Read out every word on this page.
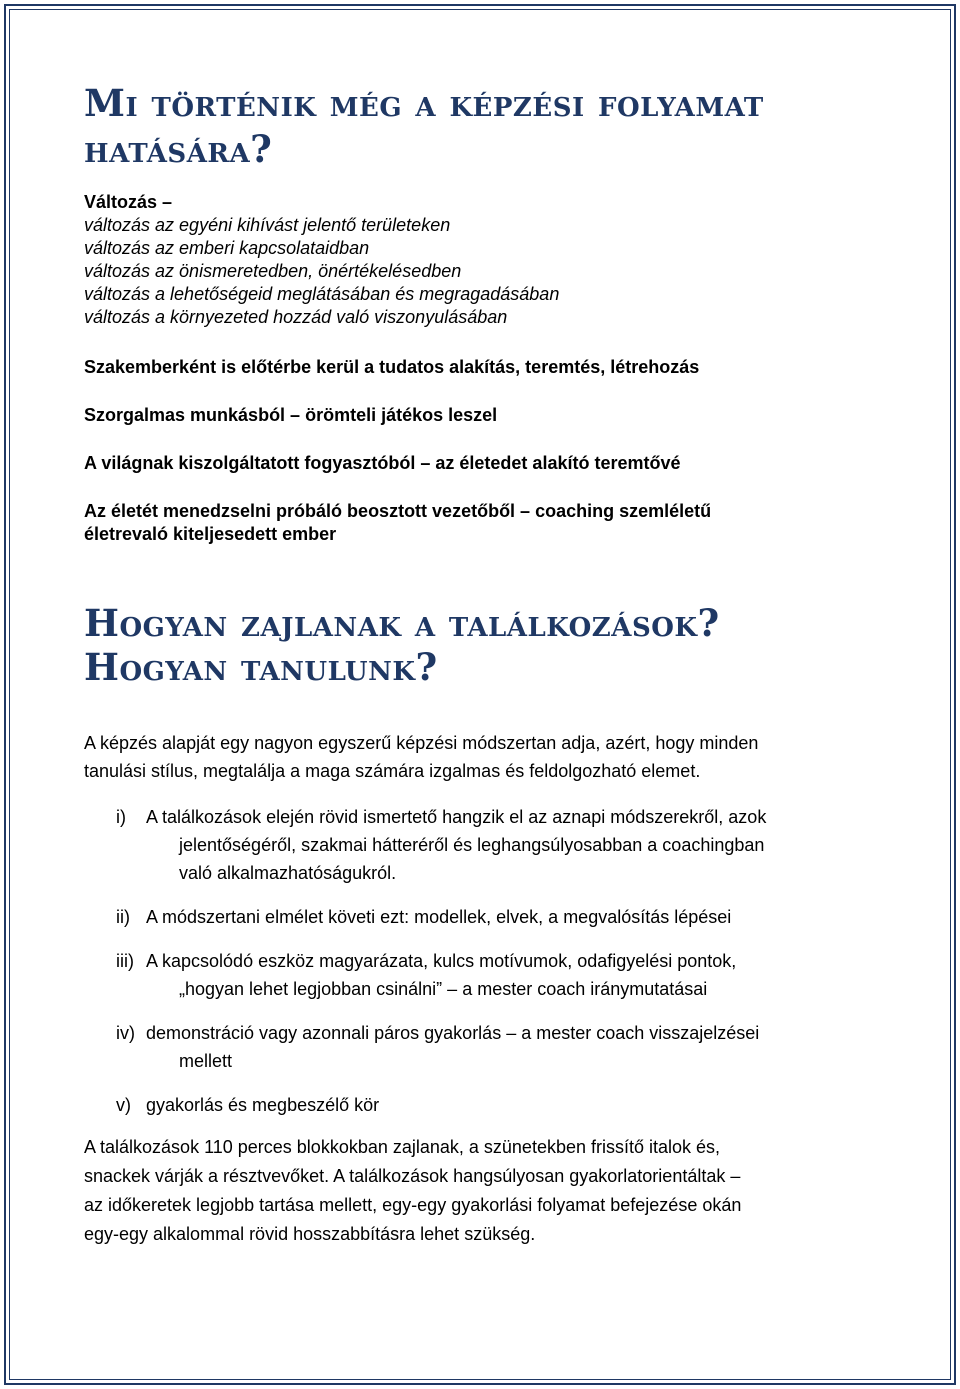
Mi történik még a képzési folyamat
hatására?
Változás –
változás az egyéni kihívást jelentő területeken
változás az emberi kapcsolataidban
változás az önismeretedben, önértékelésedben
változás a lehetőségeid meglátásában és megragadásában
változás a környezeted hozzád való viszonyulásában
Szakemberként is előtérbe kerül a tudatos alakítás, teremtés, létrehozás
Szorgalmas munkásból – örömteli játékos leszel
A világnak kiszolgáltatott fogyasztóból – az életedet alakító teremtővé
Az életét menedzselni próbáló beosztott vezetőből – coaching szemléletű
életrevaló kiteljesedett ember
Hogyan zajlanak a találkozások?
Hogyan tanulunk?
A képzés alapját egy nagyon egyszerű képzési módszertan adja, azért, hogy minden
tanulási stílus, megtalálja a maga számára izgalmas és feldolgozható elemet.
i)	A találkozások elején rövid ismertető hangzik el az aznapi módszerekről, azok
jelentőségéről, szakmai hátteréről és leghangsúlyosabban a coachingban
való alkalmazhatóságukról.
ii) A módszertani elmélet követi ezt: modellek, elvek, a megvalósítás lépései
iii) A kapcsolódó eszköz magyarázata, kulcs motívumok, odafigyelési pontok,
„hogyan lehet legjobban csinálni” – a mester coach iránymutatásai
iv) demonstráció vagy azonnali páros gyakorlás – a mester coach visszajelzései
mellett
v) gyakorlás és megbeszélő kör
A találkozások 110 perces blokkokban zajlanak, a szünetekben frissítő italok és,
snackek várják a résztvevőket. A találkozások hangsúlyosan gyakorlatorientáltak –
az időkeretek legjobb tartása mellett, egy-egy gyakorlási folyamat befejezése okán
egy-egy alkalommal rövid hosszabbításra lehet szükség.
